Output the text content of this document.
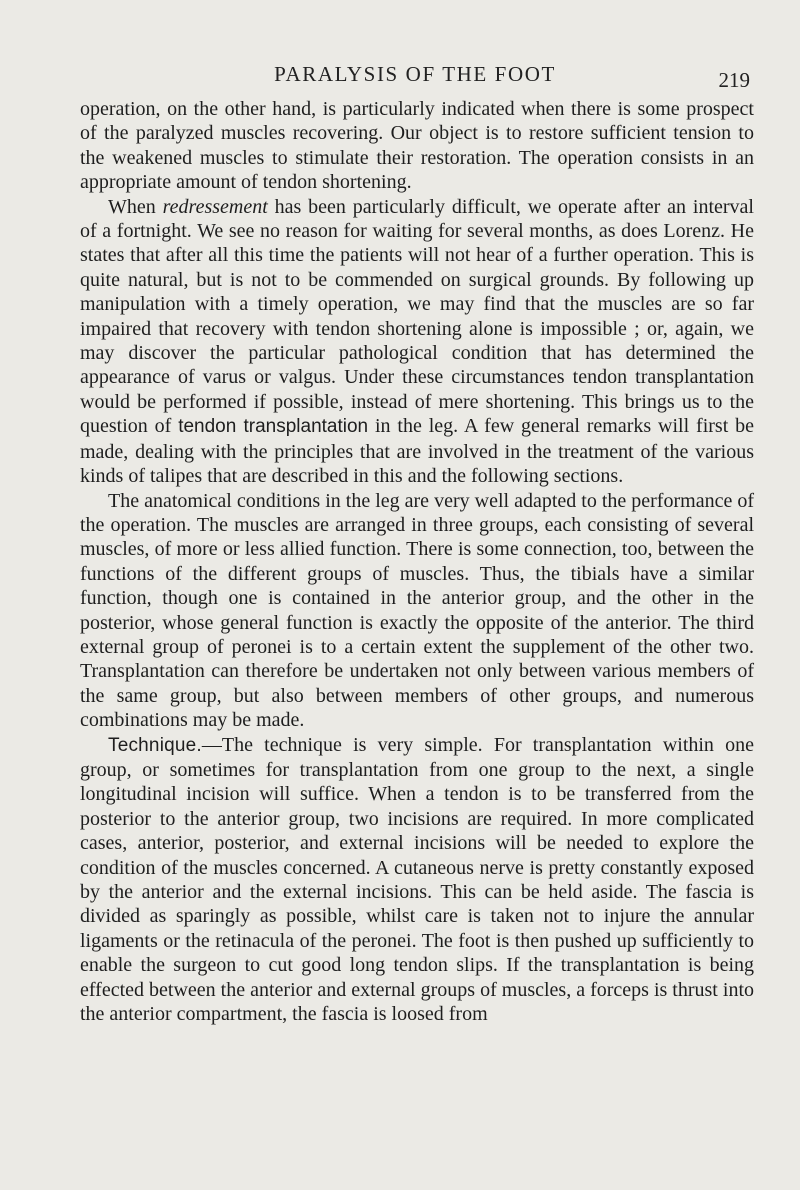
PARALYSIS OF THE FOOT	219

operation, on the other hand, is particularly indicated when there is some prospect of the paralyzed muscles recovering. Our object is to restore sufficient tension to the weakened muscles to stimulate their restoration. The operation consists in an appropriate amount of tendon shortening.

When redressement has been particularly difficult, we operate after an interval of a fortnight. We see no reason for waiting for several months, as does Lorenz. He states that after all this time the patients will not hear of a further operation. This is quite natural, but is not to be commended on surgical grounds. By following up manipulation with a timely operation, we may find that the muscles are so far impaired that recovery with tendon shortening alone is impossible ; or, again, we may discover the particular pathological condition that has determined the appearance of varus or valgus. Under these circumstances tendon transplantation would be performed if possible, instead of mere shortening. This brings us to the question of tendon transplantation in the leg. A few general remarks will first be made, dealing with the principles that are involved in the treatment of the various kinds of talipes that are described in this and the following sections.

The anatomical conditions in the leg are very well adapted to the performance of the operation. The muscles are arranged in three groups, each consisting of several muscles, of more or less allied function. There is some connection, too, between the functions of the different groups of muscles. Thus, the tibials have a similar function, though one is contained in the anterior group, and the other in the posterior, whose general function is exactly the opposite of the anterior. The third external group of peronei is to a certain extent the supplement of the other two. Transplantation can therefore be undertaken not only between various members of the same group, but also between members of other groups, and numerous combinations may be made.

Technique.—The technique is very simple. For transplantation within one group, or sometimes for transplantation from one group to the next, a single longitudinal incision will suffice. When a tendon is to be transferred from the posterior to the anterior group, two incisions are required. In more complicated cases, anterior, posterior, and external incisions will be needed to explore the condition of the muscles concerned. A cutaneous nerve is pretty constantly exposed by the anterior and the external incisions. This can be held aside. The fascia is divided as sparingly as possible, whilst care is taken not to injure the annular ligaments or the retinacula of the peronei. The foot is then pushed up sufficiently to enable the surgeon to cut good long tendon slips. If the transplantation is being effected between the anterior and external groups of muscles, a forceps is thrust into the anterior compartment, the fascia is loosed from
